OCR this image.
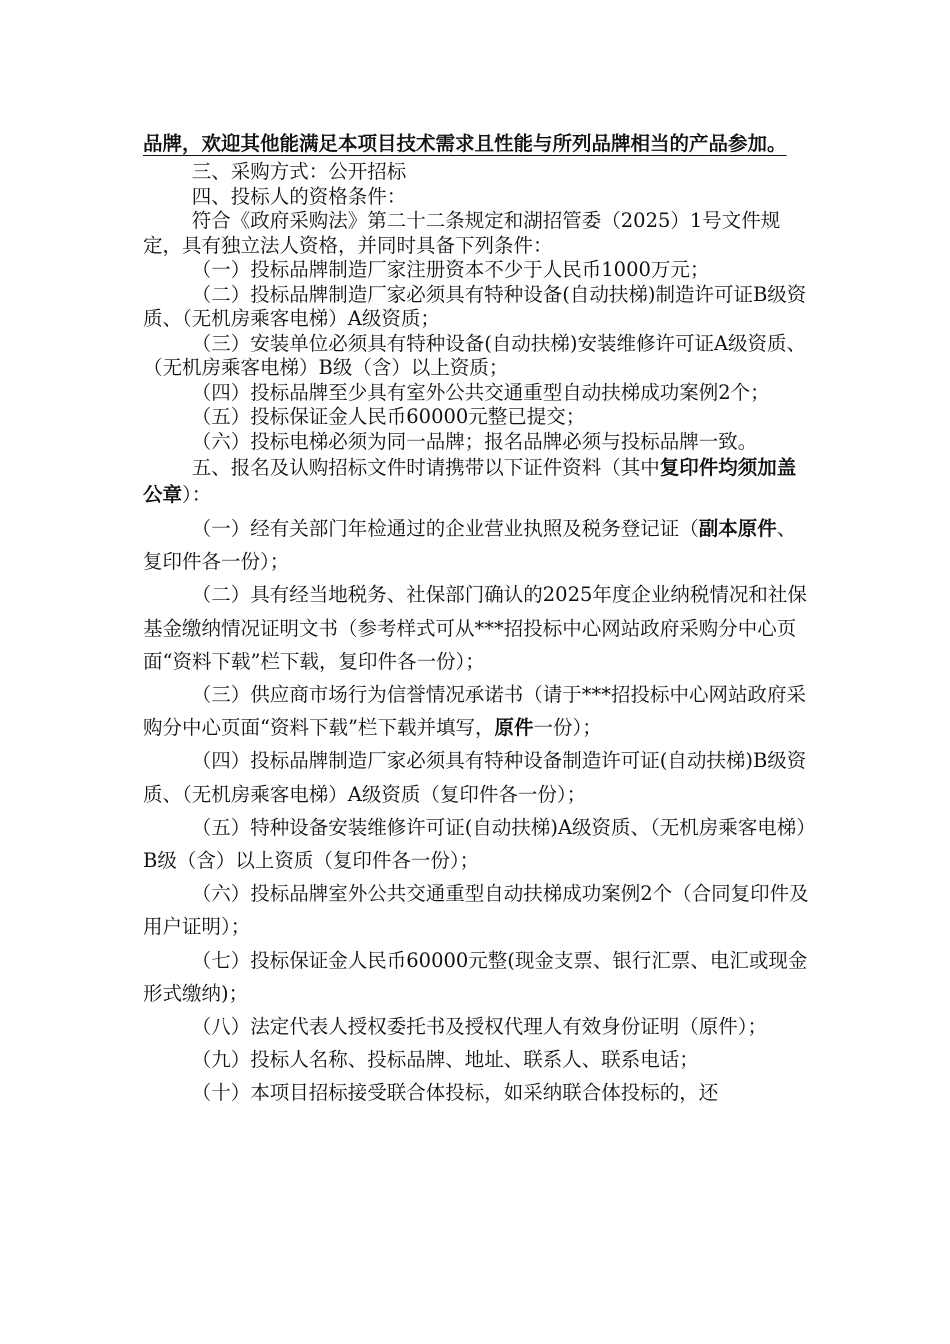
品牌，欢迎其他能满足本项目技术需求且性能与所列品牌相当的产品参加。

三、采购方式：公开招标

四、投标人的资格条件：

符合《政府采购法》第二十二条规定和湖招管委（2025）1号文件规定，具有独立法人资格，并同时具备下列条件：

（一）投标品牌制造厂家注册资本不少于人民币1000万元；

（二）投标品牌制造厂家必须具有特种设备(自动扶梯)制造许可证B级资质、（无机房乘客电梯）A级资质；

（三）安装单位必须具有特种设备(自动扶梯)安装维修许可证A级资质、（无机房乘客电梯）B级（含）以上资质；

（四）投标品牌至少具有室外公共交通重型自动扶梯成功案例2个；

（五）投标保证金人民币60000元整已提交；

（六）投标电梯必须为同一品牌；报名品牌必须与投标品牌一致。

五、报名及认购招标文件时请携带以下证件资料（其中复印件均须加盖公章）：

（一）经有关部门年检通过的企业营业执照及税务登记证（副本原件、复印件各一份）；

（二）具有经当地税务、社保部门确认的2025年度企业纳税情况和社保基金缴纳情况证明文书（参考样式可从***招投标中心网站政府采购分中心页面“资料下载”栏下载，复印件各一份）；

（三）供应商市场行为信誉情况承诺书（请于***招投标中心网站政府采购分中心页面“资料下载”栏下载并填写，原件一份）；

（四）投标品牌制造厂家必须具有特种设备制造许可证(自动扶梯)B级资质、（无机房乘客电梯）A级资质（复印件各一份）；

（五）特种设备安装维修许可证(自动扶梯)A级资质、（无机房乘客电梯）B级（含）以上资质（复印件各一份）；

（六）投标品牌室外公共交通重型自动扶梯成功案例2个（合同复印件及用户证明）；

（七）投标保证金人民币60000元整(现金支票、银行汇票、电汇或现金形式缴纳)；

（八）法定代表人授权委托书及授权代理人有效身份证明（原件）；

（九）投标人名称、投标品牌、地址、联系人、联系电话；

（十）本项目招标接受联合体投标，如采纳联合体投标的，还
